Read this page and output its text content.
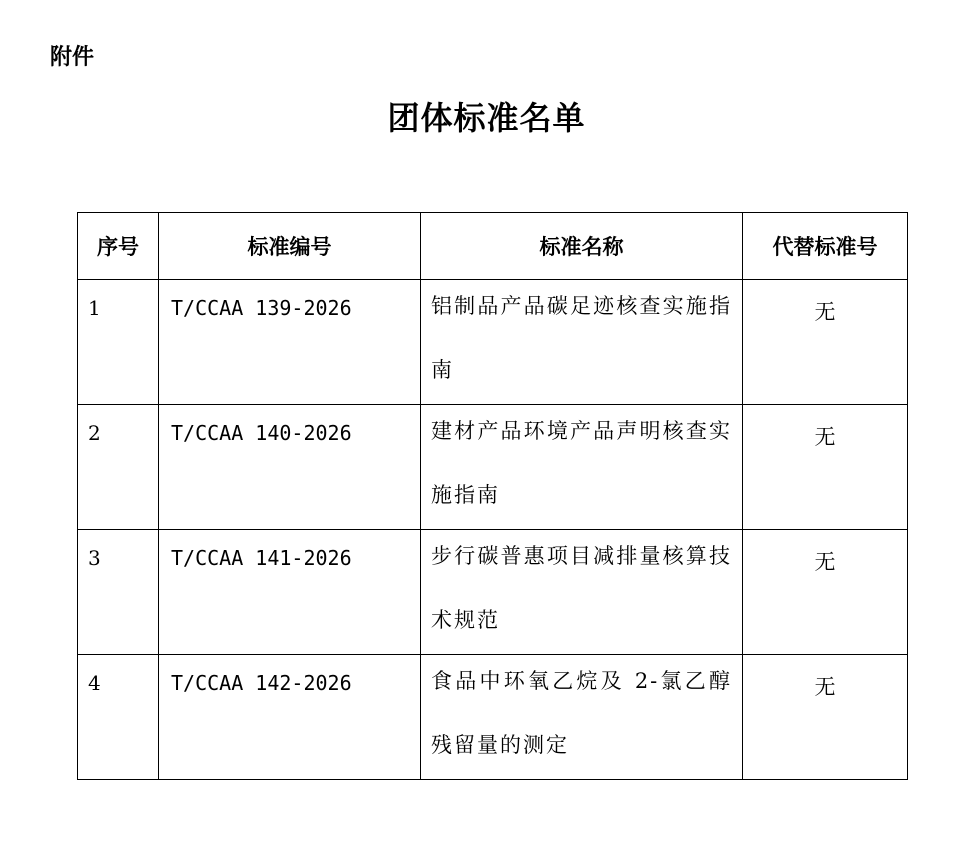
附件
团体标准名单
序号	标准编号	标准名称	代替标准号

1	T/CCAA 139-2026	铝制品产品碳足迹核查实施指南	无

2	T/CCAA 140-2026	建材产品环境产品声明核查实施指南	无

3	T/CCAA 141-2026	步行碳普惠项目减排量核算技术规范	无

4	T/CCAA 142-2026	食品中环氧乙烷及 2-氯乙醇残留量的测定	无
